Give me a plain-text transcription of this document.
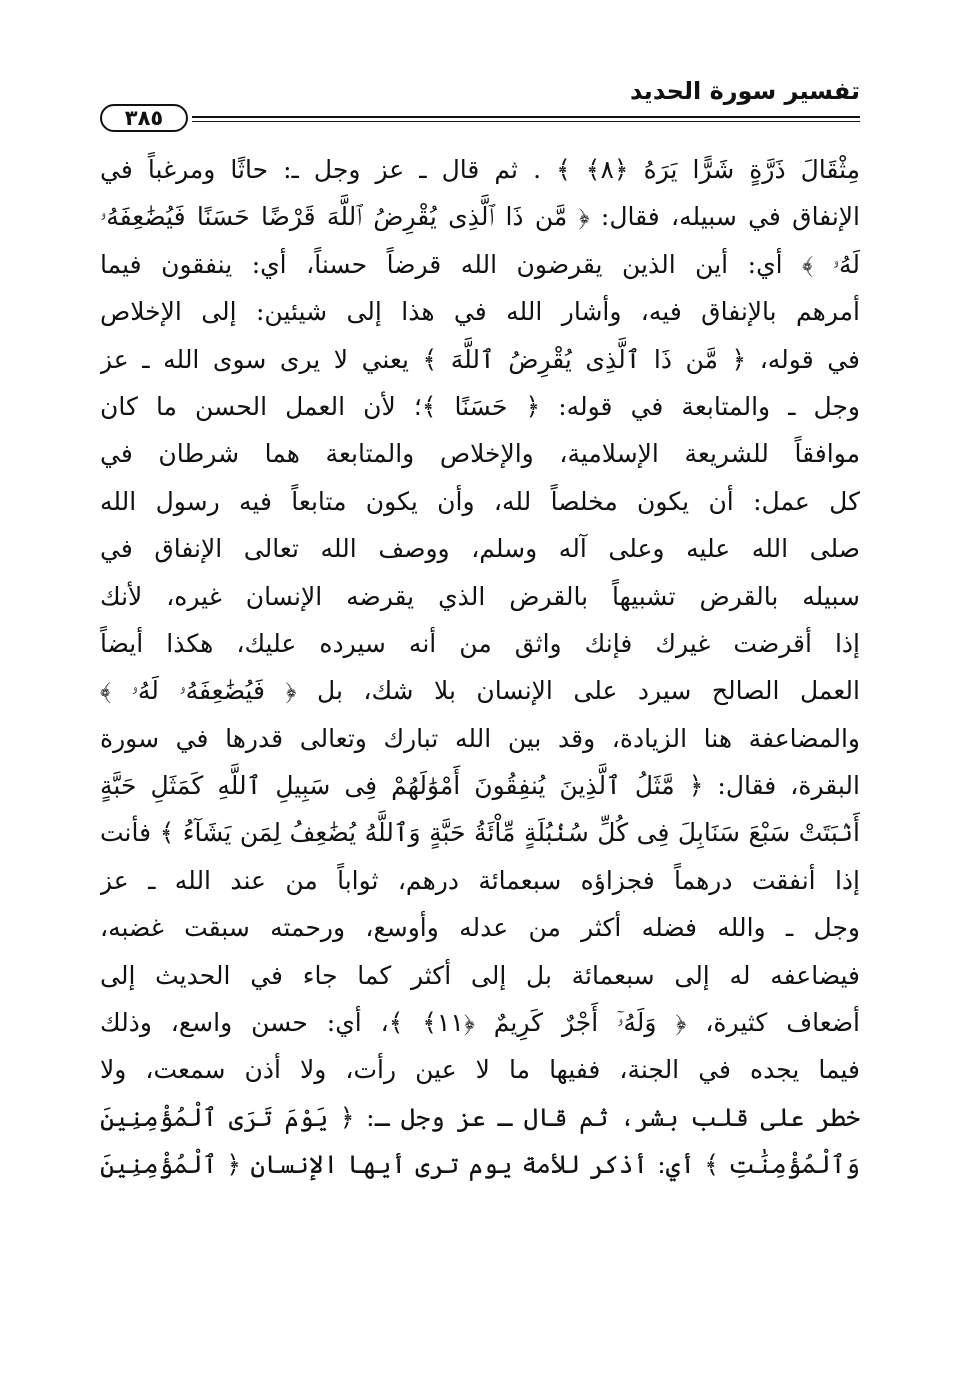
تفسير سورة الحديد
٣٨٥
مِثْقَالَ ذَرَّةٍ شَرًّا يَرَهُ ﴿٨﴾ ﴾ . ثم قال ـ عز وجل ـ: حاثًا ومرغباً في
الإنفاق في سبيله، فقال: ﴿ مَّن ذَا ٱلَّذِى يُقْرِضُ ٱللَّهَ قَرْضًا حَسَنًا فَيُضَٰعِفَهُۥ
لَهُۥ ﴾ أي: أين الذين يقرضون الله قرضاً حسناً، أي: ينفقون فيما
أمرهم بالإنفاق فيه، وأشار الله في هذا إلى شيئين: إلى الإخلاص
في قوله، ﴿ مَّن ذَا ٱلَّذِى يُقْرِضُ ٱللَّهَ ﴾ يعني لا يرى سوى الله ـ عز
وجل ـ والمتابعة في قوله: ﴿ حَسَنًا ﴾؛ لأن العمل الحسن ما كان
موافقاً للشريعة الإسلامية، والإخلاص والمتابعة هما شرطان في
كل عمل: أن يكون مخلصاً لله، وأن يكون متابعاً فيه رسول الله
صلى الله عليه وعلى آله وسلم، ووصف الله تعالى الإنفاق في
سبيله بالقرض تشبيهاً بالقرض الذي يقرضه الإنسان غيره، لأنك
إذا أقرضت غيرك فإنك واثق من أنه سيرده عليك، هكذا أيضاً
العمل الصالح سيرد على الإنسان بلا شك، بل ﴿ فَيُضَٰعِفَهُۥ لَهُۥ ﴾
والمضاعفة هنا الزيادة، وقد بين الله تبارك وتعالى قدرها في سورة
البقرة، فقال: ﴿ مَّثَلُ ٱلَّذِينَ يُنفِقُونَ أَمْوَٰلَهُمْ فِى سَبِيلِ ٱللَّهِ كَمَثَلِ حَبَّةٍ
أَنۢبَتَتْ سَبْعَ سَنَابِلَ فِى كُلِّ سُنۢبُلَةٍ مِّاْئَةُ حَبَّةٍ وَٱللَّهُ يُضَٰعِفُ لِمَن يَشَآءُ ﴾ فأنت
إذا أنفقت درهماً فجزاؤه سبعمائة درهم، ثواباً من عند الله ـ عز
وجل ـ والله فضله أكثر من عدله وأوسع، ورحمته سبقت غضبه،
فيضاعفه له إلى سبعمائة بل إلى أكثر كما جاء في الحديث إلى
أضعاف كثيرة، ﴿ وَلَهُۥٓ أَجْرٌ كَرِيمٌ ﴿١١﴾ ﴾، أي: حسن واسع، وذلك
فيما يجده في الجنة، ففيها ما لا عين رأت، ولا أذن سمعت، ولا
خطر على قلب بشر، ثم قال ـ عز وجل ـ: ﴿ يَوْمَ تَرَى ٱلْمُؤْمِنِينَ
وَٱلْمُؤْمِنَٰتِ ﴾ أي: أذكر للأمة يوم ترى أيها الإنسان ﴿ ٱلْمُؤْمِنِينَ
